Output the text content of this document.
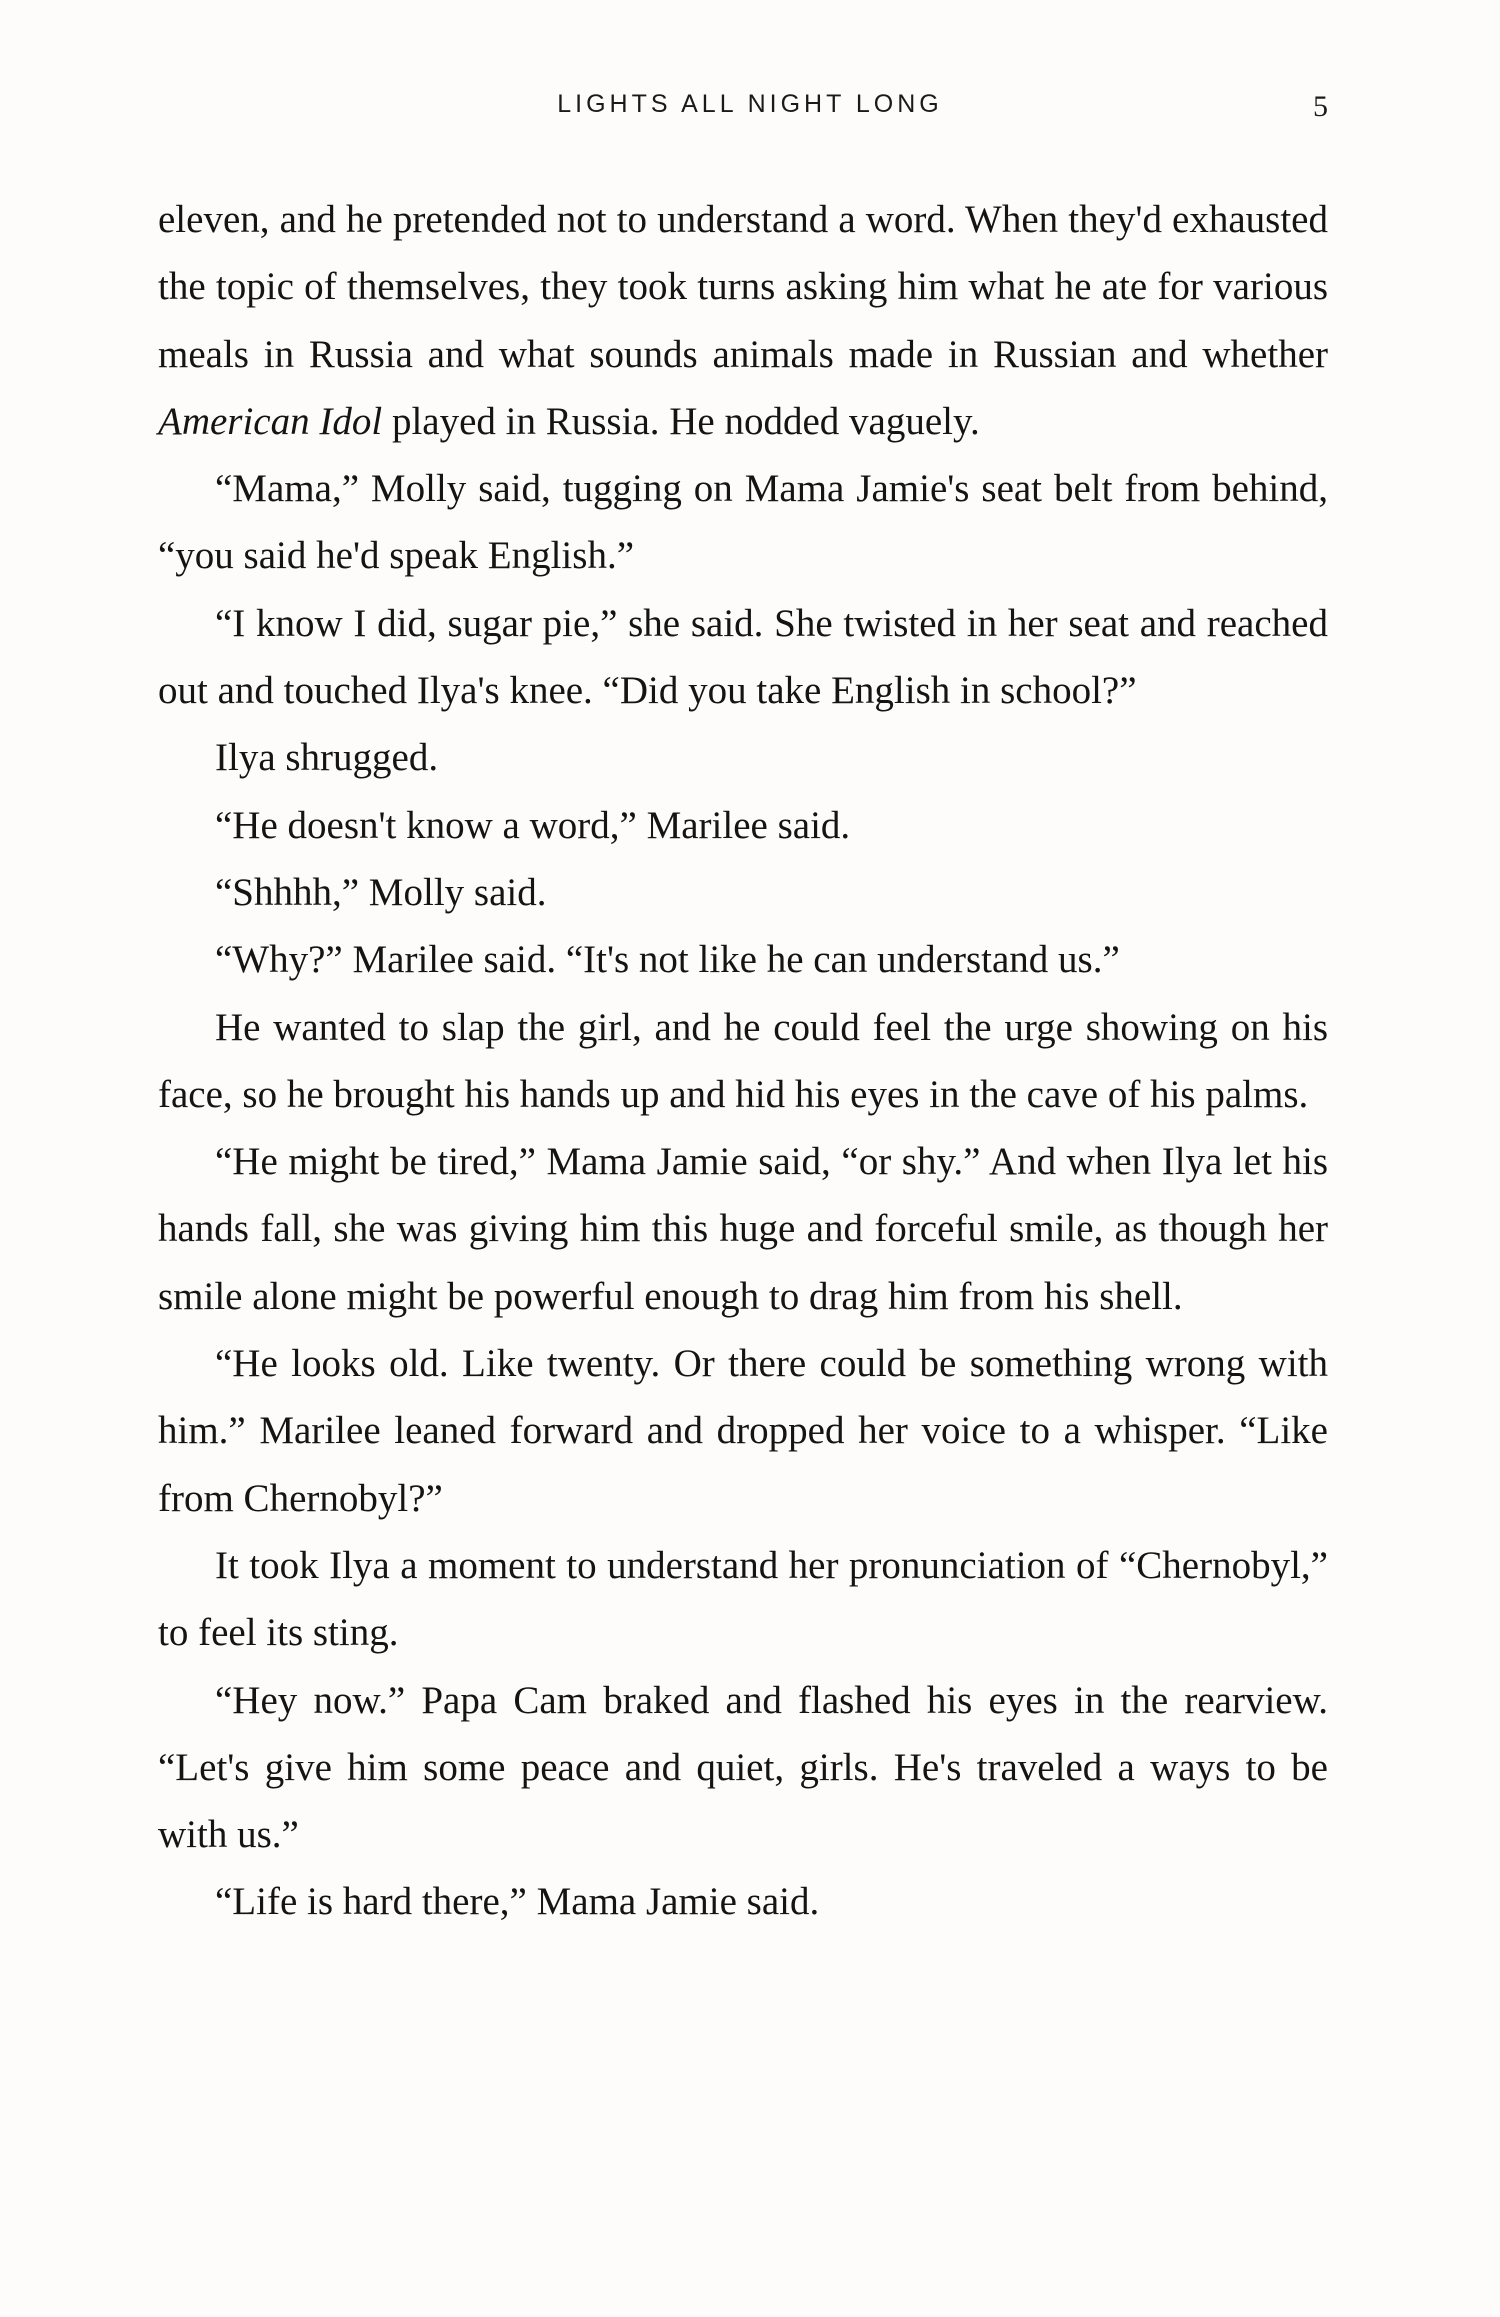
LIGHTS ALL NIGHT LONG	5

eleven, and he pretended not to understand a word. When they'd exhausted the topic of themselves, they took turns asking him what he ate for various meals in Russia and what sounds animals made in Russian and whether American Idol played in Russia. He nodded vaguely.

“Mama,” Molly said, tugging on Mama Jamie's seat belt from behind, “you said he'd speak English.”

“I know I did, sugar pie,” she said. She twisted in her seat and reached out and touched Ilya's knee. “Did you take English in school?”

Ilya shrugged.

“He doesn't know a word,” Marilee said.

“Shhhh,” Molly said.

“Why?” Marilee said. “It's not like he can understand us.”

He wanted to slap the girl, and he could feel the urge showing on his face, so he brought his hands up and hid his eyes in the cave of his palms.

“He might be tired,” Mama Jamie said, “or shy.” And when Ilya let his hands fall, she was giving him this huge and forceful smile, as though her smile alone might be powerful enough to drag him from his shell.

“He looks old. Like twenty. Or there could be something wrong with him.” Marilee leaned forward and dropped her voice to a whisper. “Like from Chernobyl?”

It took Ilya a moment to understand her pronunciation of “Chernobyl,” to feel its sting.

“Hey now.” Papa Cam braked and flashed his eyes in the rearview. “Let's give him some peace and quiet, girls. He's traveled a ways to be with us.”

“Life is hard there,” Mama Jamie said.
